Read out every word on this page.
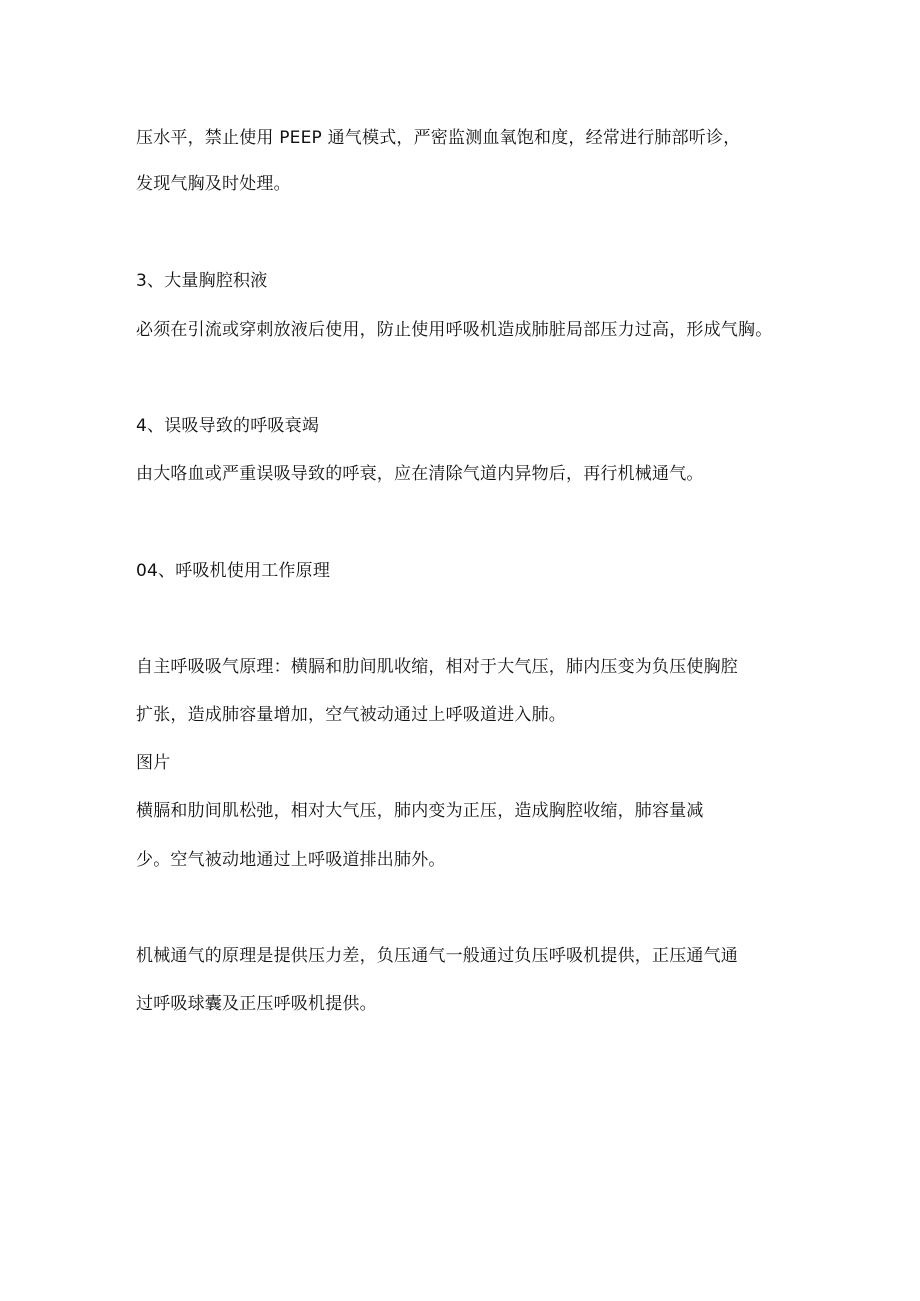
压水平，禁止使用 PEEP 通气模式，严密监测血氧饱和度，经常进行肺部听诊，
发现气胸及时处理。
3、大量胸腔积液
必须在引流或穿刺放液后使用，防止使用呼吸机造成肺脏局部压力过高，形成气胸。
4、误吸导致的呼吸衰竭
由大咯血或严重误吸导致的呼衰，应在清除气道内异物后，再行机械通气。
04、呼吸机使用工作原理
自主呼吸吸气原理：横膈和肋间肌收缩，相对于大气压，肺内压变为负压使胸腔
扩张，造成肺容量增加，空气被动通过上呼吸道进入肺。
图片
横膈和肋间肌松弛，相对大气压，肺内变为正压，造成胸腔收缩，肺容量减
少。空气被动地通过上呼吸道排出肺外。
机械通气的原理是提供压力差，负压通气一般通过负压呼吸机提供，正压通气通
过呼吸球囊及正压呼吸机提供。
